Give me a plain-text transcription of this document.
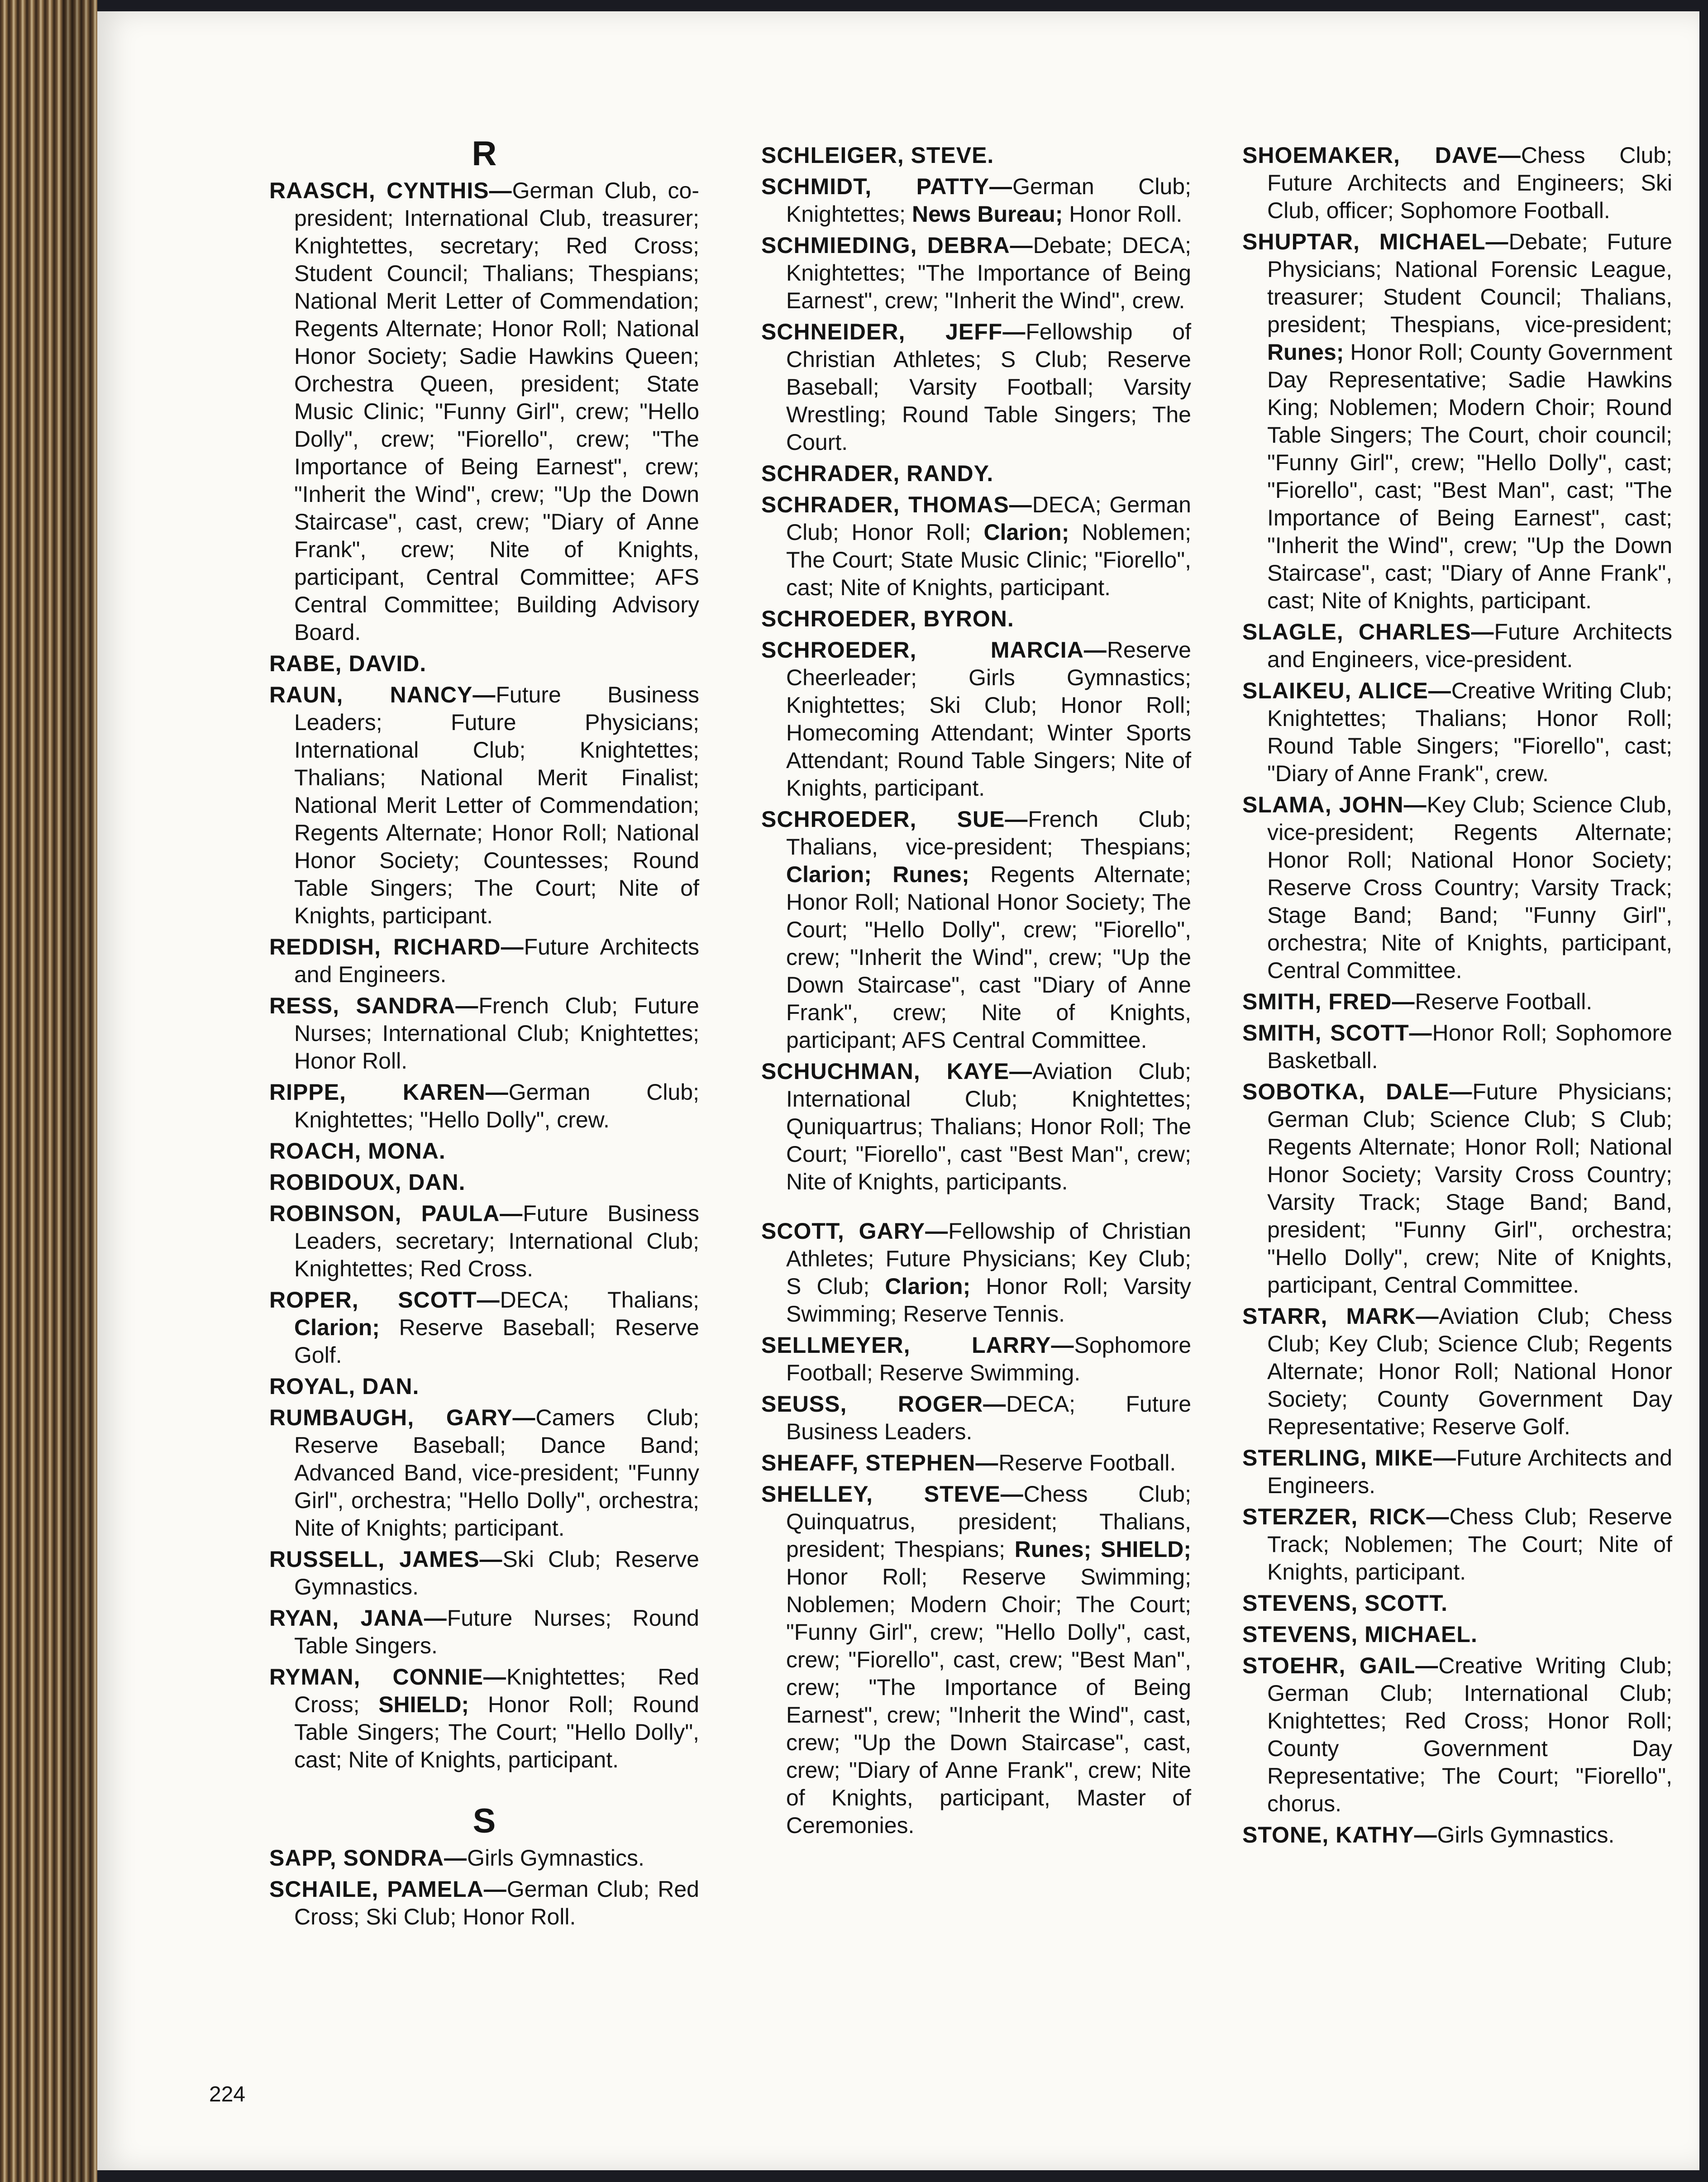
R
RAASCH, CYNTHIS—German Club, co-president; International Club, treasurer; Knightettes, secretary; Red Cross; Student Council; Thalians; Thespians; National Merit Letter of Commendation; Regents Alternate; Honor Roll; National Honor Society; Sadie Hawkins Queen; Orchestra Queen, president; State Music Clinic; "Funny Girl", crew; "Hello Dolly", crew; "Fiorello", crew; "The Importance of Being Earnest", crew; "Inherit the Wind", crew; "Up the Down Staircase", cast, crew; "Diary of Anne Frank", crew; Nite of Knights, participant, Central Committee; AFS Central Committee; Building Advisory Board.
RABE, DAVID.
RAUN, NANCY—Future Business Leaders; Future Physicians; International Club; Knightettes; Thalians; National Merit Finalist; National Merit Letter of Commendation; Regents Alternate; Honor Roll; National Honor Society; Countesses; Round Table Singers; The Court; Nite of Knights, participant.
REDDISH, RICHARD—Future Architects and Engineers.
RESS, SANDRA—French Club; Future Nurses; International Club; Knightettes; Honor Roll.
RIPPE, KAREN—German Club; Knightettes; "Hello Dolly", crew.
ROACH, MONA.
ROBIDOUX, DAN.
ROBINSON, PAULA—Future Business Leaders, secretary; International Club; Knightettes; Red Cross.
ROPER, SCOTT—DECA; Thalians; Clarion; Reserve Baseball; Reserve Golf.
ROYAL, DAN.
RUMBAUGH, GARY—Camers Club; Reserve Baseball; Dance Band; Advanced Band, vice-president; "Funny Girl", orchestra; "Hello Dolly", orchestra; Nite of Knights; participant.
RUSSELL, JAMES—Ski Club; Reserve Gymnastics.
RYAN, JANA—Future Nurses; Round Table Singers.
RYMAN, CONNIE—Knightettes; Red Cross; SHIELD; Honor Roll; Round Table Singers; The Court; "Hello Dolly", cast; Nite of Knights, participant.
S
SAPP, SONDRA—Girls Gymnastics.
SCHAILE, PAMELA—German Club; Red Cross; Ski Club; Honor Roll.
SCHLEIGER, STEVE.
SCHMIDT, PATTY—German Club; Knightettes; News Bureau; Honor Roll.
SCHMIEDING, DEBRA—Debate; DECA; Knightettes; "The Importance of Being Earnest", crew; "Inherit the Wind", crew.
SCHNEIDER, JEFF—Fellowship of Christian Athletes; S Club; Reserve Baseball; Varsity Football; Varsity Wrestling; Round Table Singers; The Court.
SCHRADER, RANDY.
SCHRADER, THOMAS—DECA; German Club; Honor Roll; Clarion; Noblemen; The Court; State Music Clinic; "Fiorello", cast; Nite of Knights, participant.
SCHROEDER, BYRON.
SCHROEDER, MARCIA—Reserve Cheerleader; Girls Gymnastics; Knightettes; Ski Club; Honor Roll; Homecoming Attendant; Winter Sports Attendant; Round Table Singers; Nite of Knights, participant.
SCHROEDER, SUE—French Club; Thalians, vice-president; Thespians; Clarion; Runes; Regents Alternate; Honor Roll; National Honor Society; The Court; "Hello Dolly", crew; "Fiorello", crew; "Inherit the Wind", crew; "Up the Down Staircase", cast "Diary of Anne Frank", crew; Nite of Knights, participant; AFS Central Committee.
SCHUCHMAN, KAYE—Aviation Club; International Club; Knightettes; Quniquartrus; Thalians; Honor Roll; The Court; "Fiorello", cast "Best Man", crew; Nite of Knights, participants.
SCOTT, GARY—Fellowship of Christian Athletes; Future Physicians; Key Club; S Club; Clarion; Honor Roll; Varsity Swimming; Reserve Tennis.
SELLMEYER, LARRY—Sophomore Football; Reserve Swimming.
SEUSS, ROGER—DECA; Future Business Leaders.
SHEAFF, STEPHEN—Reserve Football.
SHELLEY, STEVE—Chess Club; Quinquatrus, president; Thalians, president; Thespians; Runes; SHIELD; Honor Roll; Reserve Swimming; Noblemen; Modern Choir; The Court; "Funny Girl", crew; "Hello Dolly", cast, crew; "Fiorello", cast, crew; "Best Man", crew; "The Importance of Being Earnest", crew; "Inherit the Wind", cast, crew; "Up the Down Staircase", cast, crew; "Diary of Anne Frank", crew; Nite of Knights, participant, Master of Ceremonies.
SHOEMAKER, DAVE—Chess Club; Future Architects and Engineers; Ski Club, officer; Sophomore Football.
SHUPTAR, MICHAEL—Debate; Future Physicians; National Forensic League, treasurer; Student Council; Thalians, president; Thespians, vice-president; Runes; Honor Roll; County Government Day Representative; Sadie Hawkins King; Noblemen; Modern Choir; Round Table Singers; The Court, choir council; "Funny Girl", crew; "Hello Dolly", cast; "Fiorello", cast; "Best Man", cast; "The Importance of Being Earnest", cast; "Inherit the Wind", crew; "Up the Down Staircase", cast; "Diary of Anne Frank", cast; Nite of Knights, participant.
SLAGLE, CHARLES—Future Architects and Engineers, vice-president.
SLAIKEU, ALICE—Creative Writing Club; Knightettes; Thalians; Honor Roll; Round Table Singers; "Fiorello", cast; "Diary of Anne Frank", crew.
SLAMA, JOHN—Key Club; Science Club, vice-president; Regents Alternate; Honor Roll; National Honor Society; Reserve Cross Country; Varsity Track; Stage Band; Band; "Funny Girl", orchestra; Nite of Knights, participant, Central Committee.
SMITH, FRED—Reserve Football.
SMITH, SCOTT—Honor Roll; Sophomore Basketball.
SOBOTKA, DALE—Future Physicians; German Club; Science Club; S Club; Regents Alternate; Honor Roll; National Honor Society; Varsity Cross Country; Varsity Track; Stage Band; Band, president; "Funny Girl", orchestra; "Hello Dolly", crew; Nite of Knights, participant, Central Committee.
STARR, MARK—Aviation Club; Chess Club; Key Club; Science Club; Regents Alternate; Honor Roll; National Honor Society; County Government Day Representative; Reserve Golf.
STERLING, MIKE—Future Architects and Engineers.
STERZER, RICK—Chess Club; Reserve Track; Noblemen; The Court; Nite of Knights, participant.
STEVENS, SCOTT.
STEVENS, MICHAEL.
STOEHR, GAIL—Creative Writing Club; German Club; International Club; Knightettes; Red Cross; Honor Roll; County Government Day Representative; The Court; "Fiorello", chorus.
STONE, KATHY—Girls Gymnastics.
224
